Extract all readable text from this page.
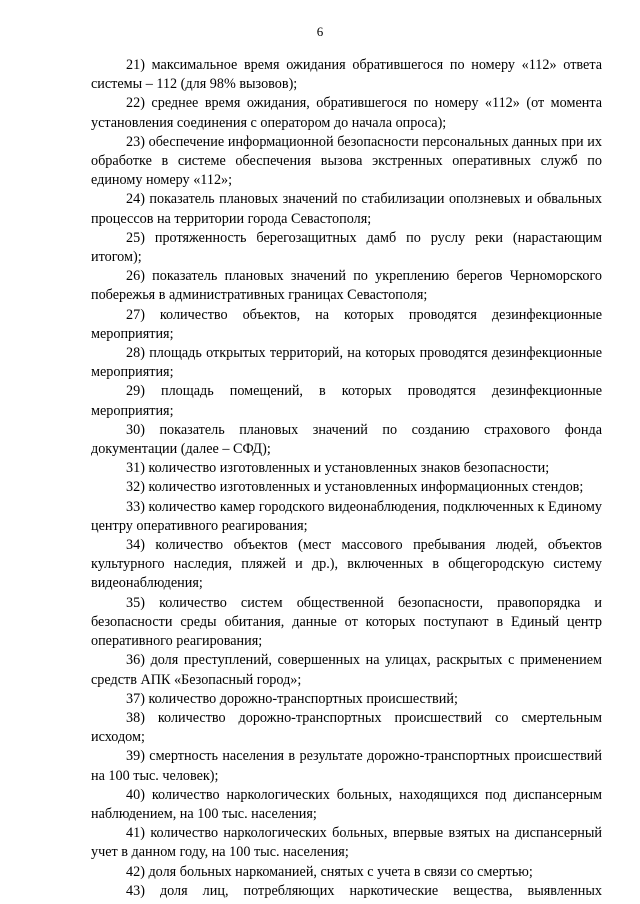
6

21) максимальное время ожидания обратившегося по номеру «112» ответа системы – 112 (для 98% вызовов);

22) среднее время ожидания, обратившегося по номеру «112» (от момента установления соединения с оператором до начала опроса);

23) обеспечение информационной безопасности персональных данных при их обработке в системе обеспечения вызова экстренных оперативных служб по единому номеру «112»;

24) показатель плановых значений по стабилизации оползневых и обвальных процессов на территории города Севастополя;

25) протяженность берегозащитных дамб по руслу реки (нарастающим итогом);

26) показатель плановых значений по укреплению берегов Черноморского побережья в административных границах Севастополя;

27) количество объектов, на которых проводятся дезинфекционные мероприятия;

28) площадь открытых территорий, на которых проводятся дезинфекционные мероприятия;

29) площадь помещений, в которых проводятся дезинфекционные мероприятия;

30) показатель плановых значений по созданию страхового фонда документации (далее – СФД);

31) количество изготовленных и установленных знаков безопасности;

32) количество изготовленных и установленных информационных стендов;

33) количество камер городского видеонаблюдения, подключенных к Единому центру оперативного реагирования;

34) количество объектов (мест массового пребывания людей, объектов культурного наследия, пляжей и др.), включенных в общегородскую систему видеонаблюдения;

35) количество систем общественной безопасности, правопорядка и безопасности среды обитания, данные от которых поступают в Единый центр оперативного реагирования;

36) доля преступлений, совершенных на улицах, раскрытых с применением средств АПК «Безопасный город»;

37) количество дорожно-транспортных происшествий;

38) количество дорожно-транспортных происшествий со смертельным исходом;

39) смертность населения в результате дорожно-транспортных происшествий на 100 тыс. человек);

40) количество наркологических больных, находящихся под диспансерным наблюдением, на 100 тыс. населения;

41) количество наркологических больных, впервые взятых на диспансерный учет в данном году, на 100 тыс. населения;

42) доля больных наркоманией, снятых с учета в связи со смертью;

43) доля лиц, потребляющих наркотические вещества, выявленных
